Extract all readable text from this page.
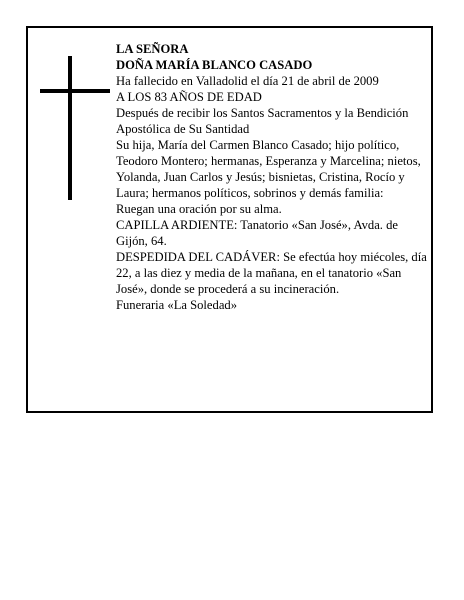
LA SEÑORA

DOÑA MARÍA BLANCO CASADO

Ha fallecido en Valladolid el día 21 de abril de 2009

A LOS 83 AÑOS DE EDAD

Después de recibir los Santos Sacramentos y la Bendición Apostólica de Su Santidad

Su hija, María del Carmen Blanco Casado; hijo político, Teodoro Montero; hermanas, Esperanza y Marcelina; nietos, Yolanda, Juan Carlos y Jesús; bisnietas, Cristina, Rocío y Laura; hermanos políticos, sobrinos y demás familia:

Ruegan una oración por su alma.

CAPILLA ARDIENTE: Tanatorio «San José», Avda. de Gijón, 64.

DESPEDIDA DEL CADÁVER: Se efectúa hoy miécoles, día 22, a las diez y media de la mañana, en el tanatorio «San José», donde se procederá a su incineración.

Funeraria «La Soledad»
